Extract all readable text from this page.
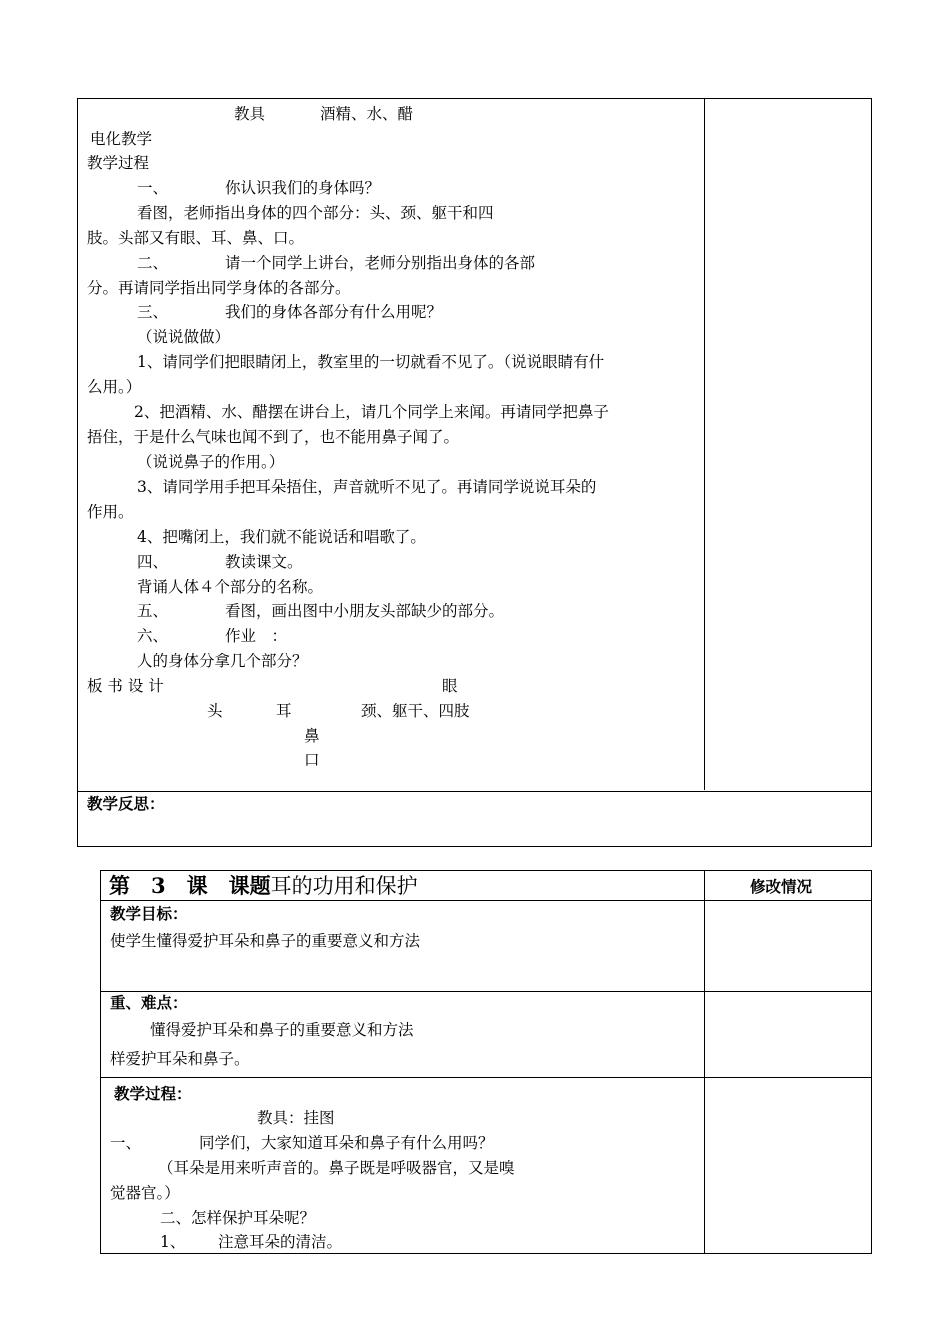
教具	酒精、水、醋
电化教学
教学过程
一、	你认识我们的身体吗？
看图，老师指出身体的四个部分：头、颈、躯干和四
肢。头部又有眼、耳、鼻、口。
二、	请一个同学上讲台，老师分别指出身体的各部
分。再请同学指出同学身体的各部分。
三、	我们的身体各部分有什么用呢？
（说说做做）
1、请同学们把眼睛闭上，教室里的一切就看不见了。（说说眼睛有什
么用。）
2、把酒精、水、醋摆在讲台上，请几个同学上来闻。再请同学把鼻子
捂住，于是什么气味也闻不到了，也不能用鼻子闻了。
（说说鼻子的作用。）
3、请同学用手把耳朵捂住，声音就听不见了。再请同学说说耳朵的
作用。
4、把嘴闭上，我们就不能说话和唱歌了。
四、	教读课文。
背诵人体４个部分的名称。
五、	看图，画出图中小朋友头部缺少的部分。
六、	作业　：
人的身体分拿几个部分？
板 书 设 计	眼
头	耳	颈、躯干、四肢
鼻
口
教学反思：
第　3　课　课题耳的功用和保护	修改情况
教学目标：
使学生懂得爱护耳朵和鼻子的重要意义和方法
重、难点：
懂得爱护耳朵和鼻子的重要意义和方法
样爱护耳朵和鼻子。
教学过程：
教具：挂图
一、	同学们，大家知道耳朵和鼻子有什么用吗？
（耳朵是用来听声音的。鼻子既是呼吸器官，又是嗅
觉器官。）
二、怎样保护耳朵呢？
1、 注意耳朵的清洁。
